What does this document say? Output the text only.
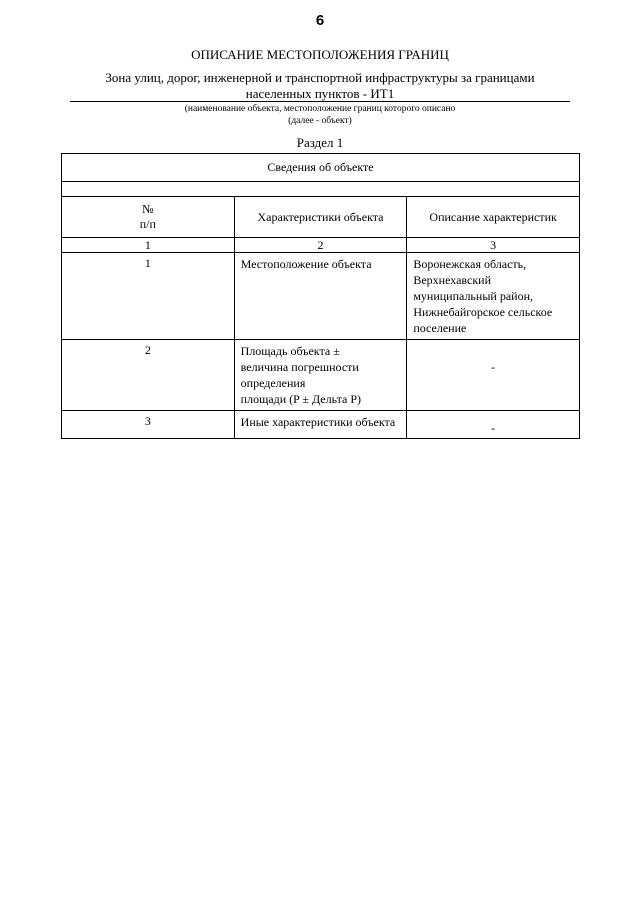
6
ОПИСАНИЕ МЕСТОПОЛОЖЕНИЯ ГРАНИЦ
Зона улиц, дорог, инженерной и транспортной инфраструктуры за границами
населенных пунктов - ИТ1
(наименование объекта, местоположение границ которого описано
(далее - объект)
Раздел 1
Сведения об объекте		

№
п/п	Характеристики объекта	Описание характеристик
1	2	3

1	Местоположение объекта	Воронежская область, Верхнехавский муниципальный район, Нижнебайгорское сельское поселение

2	Площадь объекта ±
величина погрешности определения
площади (P ± Дельта P)	-

3	Иные характеристики объекта	-
